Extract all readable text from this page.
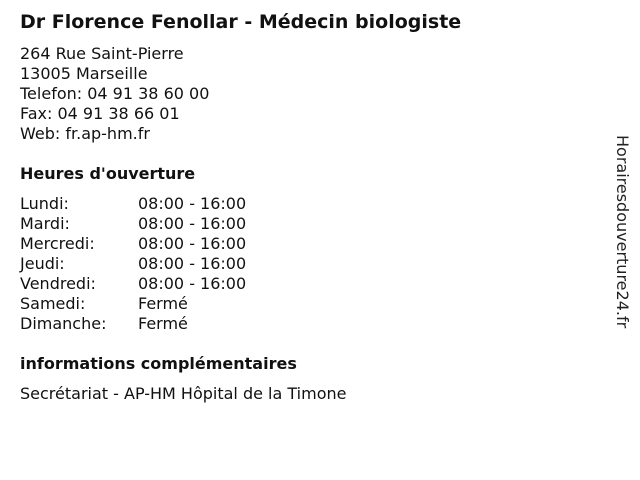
Dr Florence Fenollar - Médecin biologiste
264 Rue Saint-Pierre
13005 Marseille
Telefon: 04 91 38 60 00
Fax: 04 91 38 66 01
Web: fr.ap-hm.fr
Heures d'ouverture
Lundi:	08:00 - 16:00
Mardi:	08:00 - 16:00
Mercredi:	08:00 - 16:00
Jeudi:	08:00 - 16:00
Vendredi:	08:00 - 16:00
Samedi:	Fermé
Dimanche:	Fermé
informations complémentaires
Secrétariat - AP-HM Hôpital de la Timone
Horairesdouverture24.fr
